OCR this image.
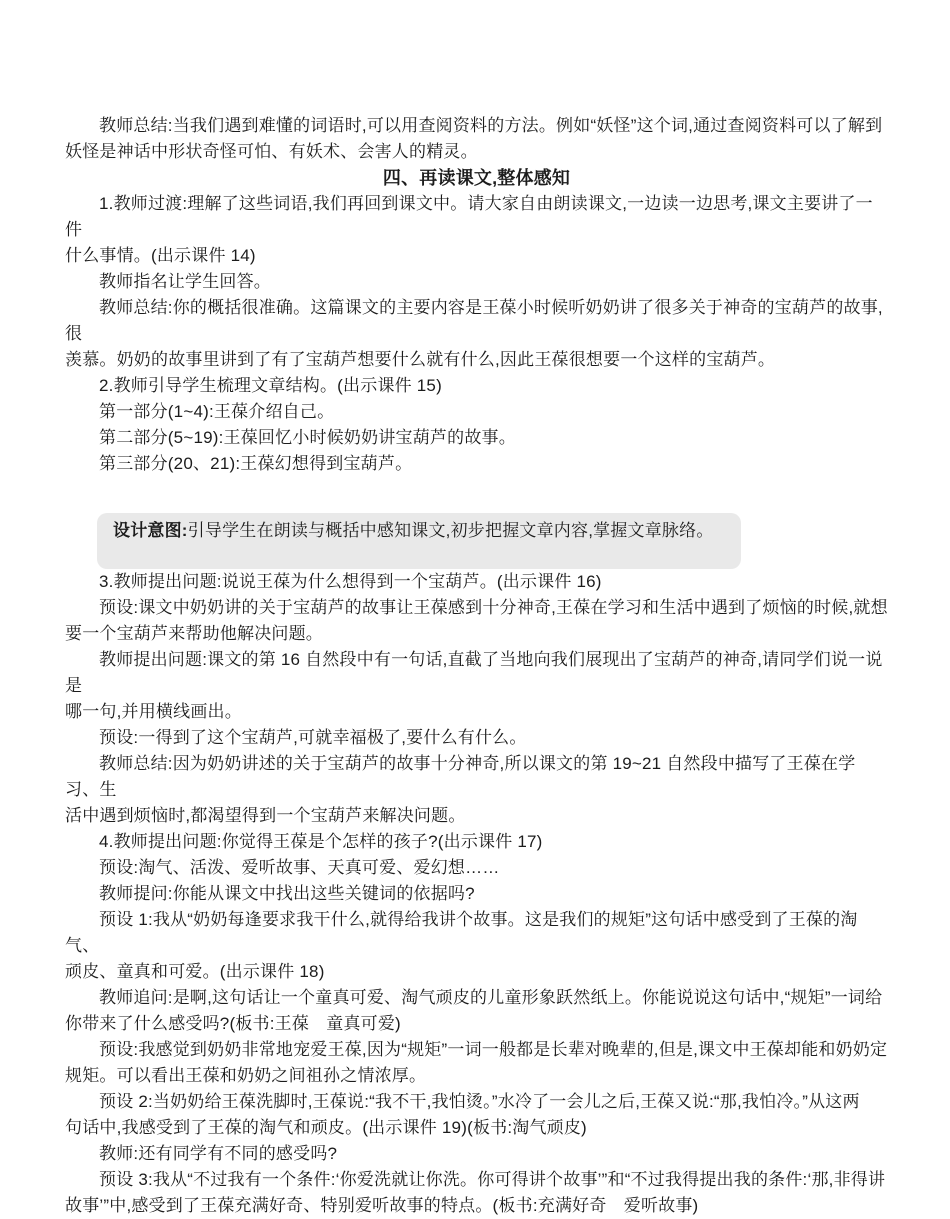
教师总结:当我们遇到难懂的词语时,可以用查阅资料的方法。例如“妖怪”这个词,通过查阅资料可以了解到
妖怪是神话中形状奇怪可怕、有妖术、会害人的精灵。
四、再读课文,整体感知
1.教师过渡:理解了这些词语,我们再回到课文中。请大家自由朗读课文,一边读一边思考,课文主要讲了一件
什么事情。(出示课件 14)
教师指名让学生回答。
教师总结:你的概括很准确。这篇课文的主要内容是王葆小时候听奶奶讲了很多关于神奇的宝葫芦的故事,很
羡慕。奶奶的故事里讲到了有了宝葫芦想要什么就有什么,因此王葆很想要一个这样的宝葫芦。
2.教师引导学生梳理文章结构。(出示课件 15)
第一部分(1~4):王葆介绍自己。
第二部分(5~19):王葆回忆小时候奶奶讲宝葫芦的故事。
第三部分(20、21):王葆幻想得到宝葫芦。
设计意图:引导学生在朗读与概括中感知课文,初步把握文章内容,掌握文章脉络。
3.教师提出问题:说说王葆为什么想得到一个宝葫芦。(出示课件 16)
预设:课文中奶奶讲的关于宝葫芦的故事让王葆感到十分神奇,王葆在学习和生活中遇到了烦恼的时候,就想
要一个宝葫芦来帮助他解决问题。
教师提出问题:课文的第 16 自然段中有一句话,直截了当地向我们展现出了宝葫芦的神奇,请同学们说一说是
哪一句,并用横线画出。
预设:一得到了这个宝葫芦,可就幸福极了,要什么有什么。
教师总结:因为奶奶讲述的关于宝葫芦的故事十分神奇,所以课文的第 19~21 自然段中描写了王葆在学习、生
活中遇到烦恼时,都渴望得到一个宝葫芦来解决问题。
4.教师提出问题:你觉得王葆是个怎样的孩子?(出示课件 17)
预设:淘气、活泼、爱听故事、天真可爱、爱幻想……
教师提问:你能从课文中找出这些关键词的依据吗?
预设 1:我从“奶奶每逢要求我干什么,就得给我讲个故事。这是我们的规矩”这句话中感受到了王葆的淘气、
顽皮、童真和可爱。(出示课件 18)
教师追问:是啊,这句话让一个童真可爱、淘气顽皮的儿童形象跃然纸上。你能说说这句话中,“规矩”一词给
你带来了什么感受吗?(板书:王葆　童真可爱)
预设:我感觉到奶奶非常地宠爱王葆,因为“规矩”一词一般都是长辈对晚辈的,但是,课文中王葆却能和奶奶定
规矩。可以看出王葆和奶奶之间祖孙之情浓厚。
预设 2:当奶奶给王葆洗脚时,王葆说:“我不干,我怕烫。”水冷了一会儿之后,王葆又说:“那,我怕冷。”从这两
句话中,我感受到了王葆的淘气和顽皮。(出示课件 19)(板书:淘气顽皮)
教师:还有同学有不同的感受吗?
预设 3:我从“不过我有一个条件:‘你爱洗就让你洗。你可得讲个故事’”和“不过我得提出我的条件:‘那,非得讲
故事’”中,感受到了王葆充满好奇、特别爱听故事的特点。(板书:充满好奇　爱听故事)
